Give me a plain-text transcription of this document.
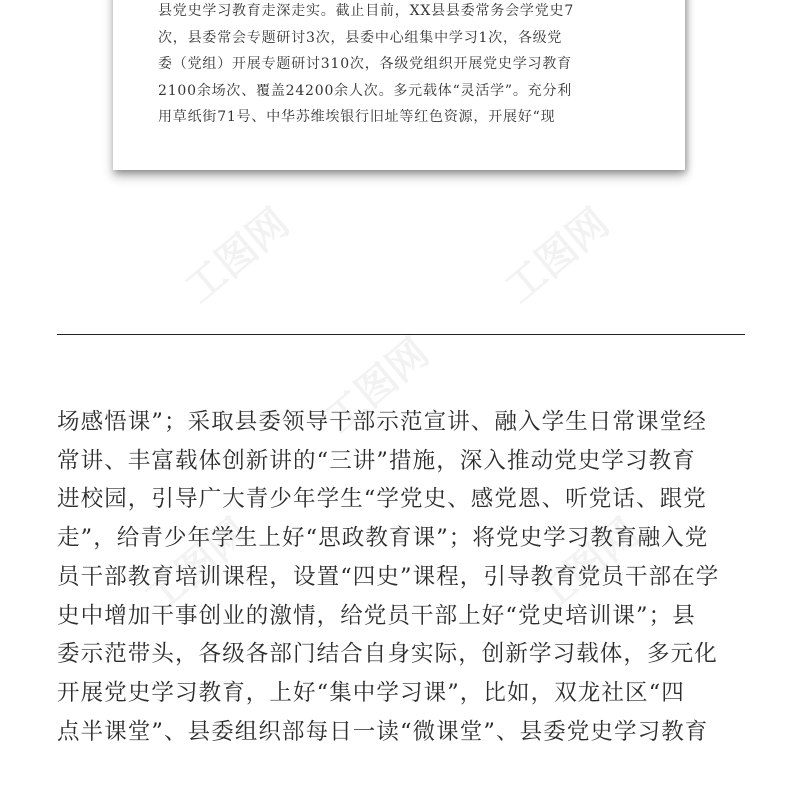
县党史学习教育走深走实。截止目前，XX县县委常务会学党史7
次，县委常会专题研讨3次，县委中心组集中学习1次，各级党
委（党组）开展专题研讨310次，各级党组织开展党史学习教育
2100余场次、覆盖24200余人次。多元载体“灵活学”。充分利
用草纸街71号、中华苏维埃银行旧址等红色资源，开展好“现
工图网	工图网
工图网
工图网	工图网
场感悟课”；采取县委领导干部示范宣讲、融入学生日常课堂经
常讲、丰富载体创新讲的“三讲”措施，深入推动党史学习教育
进校园，引导广大青少年学生“学党史、感党恩、听党话、跟党
走”，给青少年学生上好“思政教育课”；将党史学习教育融入党
员干部教育培训课程，设置“四史”课程，引导教育党员干部在学
史中增加干事创业的激情，给党员干部上好“党史培训课”；县
委示范带头，各级各部门结合自身实际，创新学习载体，多元化
开展党史学习教育，上好“集中学习课”，比如，双龙社区“四
点半课堂”、县委组织部每日一读“微课堂”、县委党史学习教育
